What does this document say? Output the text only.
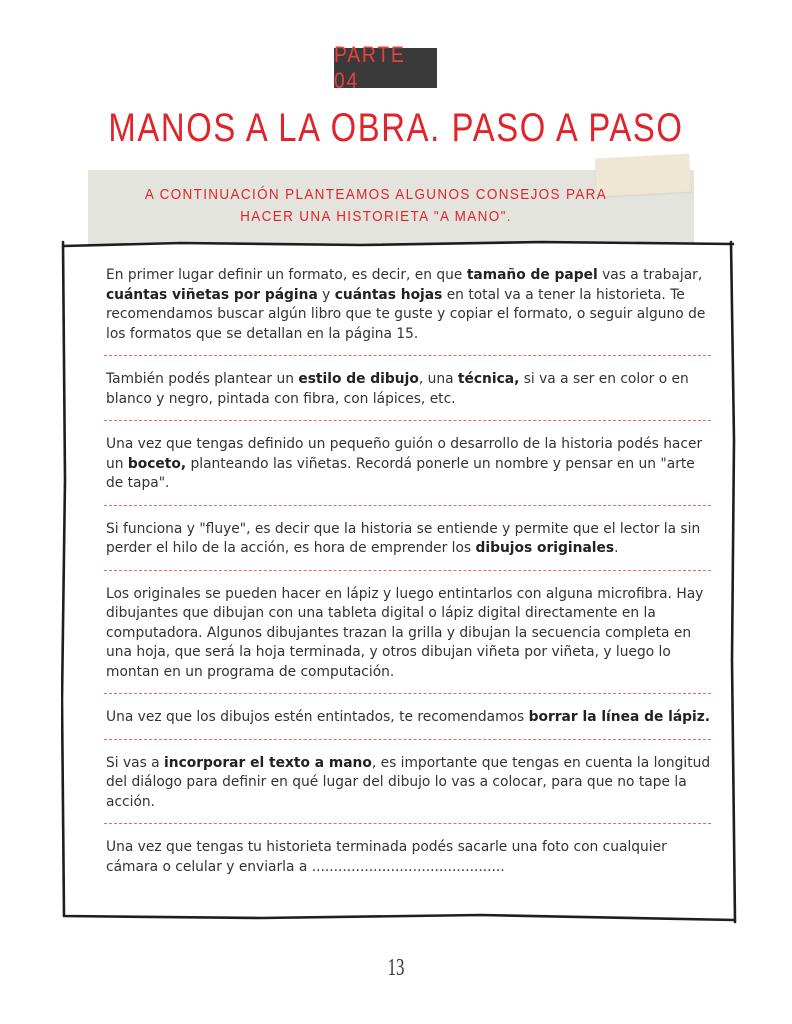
PARTE 04
MANOS A LA OBRA. PASO A PASO
A CONTINUACIÓN PLANTEAMOS ALGUNOS CONSEJOS PARA
HACER UNA HISTORIETA "A MANO".
En primer lugar definir un formato, es decir, en que tamaño de papel vas a trabajar, cuántas viñetas por página y cuántas hojas en total va a tener la historieta. Te recomendamos buscar algún libro que te guste y copiar el formato, o seguir alguno de los formatos que se detallan en la página 15.
También podés plantear un estilo de dibujo, una técnica, si va a ser en color o en blanco y negro, pintada con fibra, con lápices, etc.
Una vez que tengas definido un pequeño guión o desarrollo de la historia podés hacer un boceto, planteando las viñetas. Recordá ponerle un nombre y pensar en un "arte de tapa".
Si funciona y "fluye", es decir que la historia se entiende y permite que el lector la sin perder el hilo de la acción, es hora de emprender los dibujos originales.
Los originales se pueden hacer en lápiz y luego entintarlos con alguna microfibra. Hay dibujantes que dibujan con una tableta digital o lápiz digital directamente en la computadora. Algunos dibujantes trazan la grilla y dibujan la secuencia completa en una hoja, que será la hoja terminada, y otros dibujan viñeta por viñeta, y luego lo montan en un programa de computación.
Una vez que los dibujos estén entintados, te recomendamos borrar la línea de lápiz.
Si vas a incorporar el texto a mano, es importante que tengas en cuenta la longitud del diálogo para definir en qué lugar del dibujo lo vas a colocar, para que no tape la acción.
Una vez que tengas tu historieta terminada podés sacarle una foto con cualquier cámara o celular y enviarla a ............................................
13
